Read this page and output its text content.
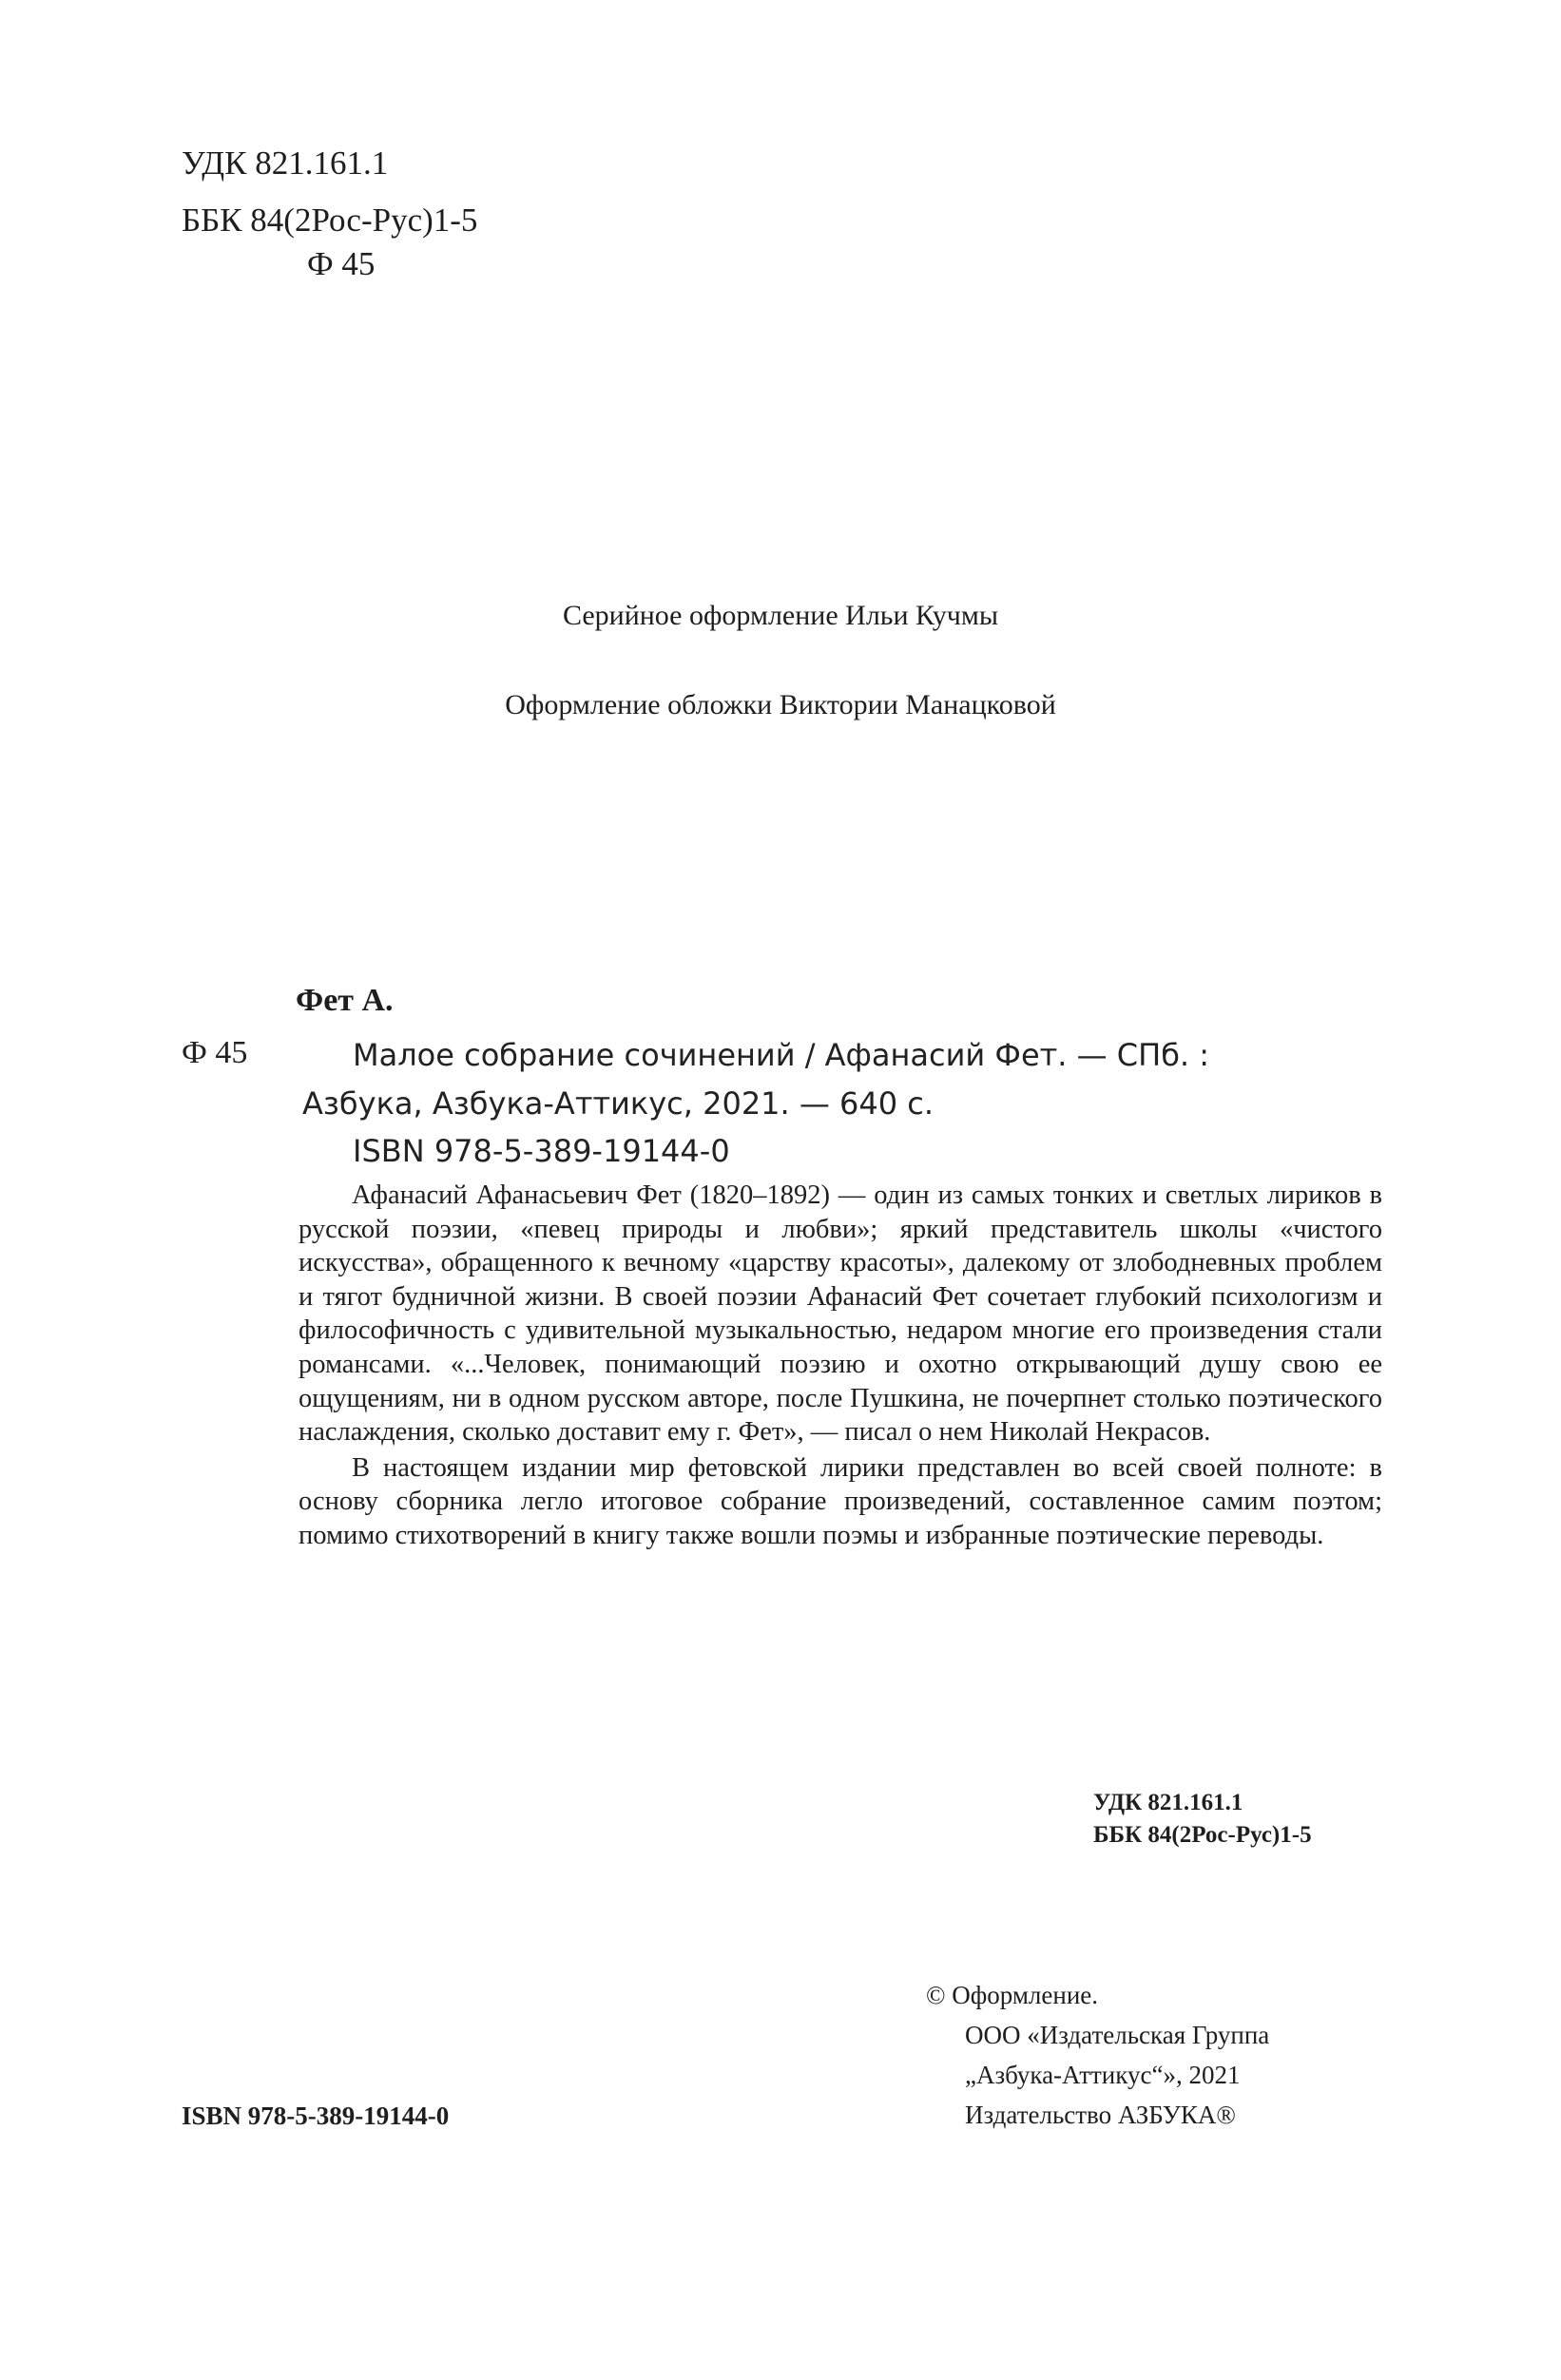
УДК 821.161.1
ББК 84(2Рос-Рус)1-5
Ф 45
Серийное оформление Ильи Кучмы
Оформление обложки Виктории Манацковой
Фет А.
Ф 45	Малое собрание сочинений / Афанасий Фет. — СПб. :
Азбука, Азбука-Аттикус, 2021. — 640 с.
ISBN 978-5-389-19144-0

Афанасий Афанасьевич Фет (1820–1892) — один из самых тонких и светлых лириков в русской поэзии, «певец природы и любви»; яркий представитель школы «чистого искусства», обращенного к вечному «царству красоты», далекому от злободневных проблем и тягот будничной жизни. В своей поэзии Афанасий Фет сочетает глубокий психологизм и философичность с удивительной музыкальностью, недаром многие его произведения стали романсами. «...Человек, понимающий поэзию и охотно открывающий душу свою ее ощущениям, ни в одном русском авторе, после Пушкина, не почерпнет столько поэтического наслаждения, сколько доставит ему г. Фет», — писал о нем Николай Некрасов.

В настоящем издании мир фетовской лирики представлен во всей своей полноте: в основу сборника легло итоговое собрание произведений, составленное самим поэтом; помимо стихотворений в книгу также вошли поэмы и избранные поэтические переводы.

УДК 821.161.1
ББК 84(2Рос-Рус)1-5
ISBN 978-5-389-19144-0
© Оформление.
ООО «Издательская Группа
„Азбука-Аттикус“», 2021
Издательство АЗБУКА®
